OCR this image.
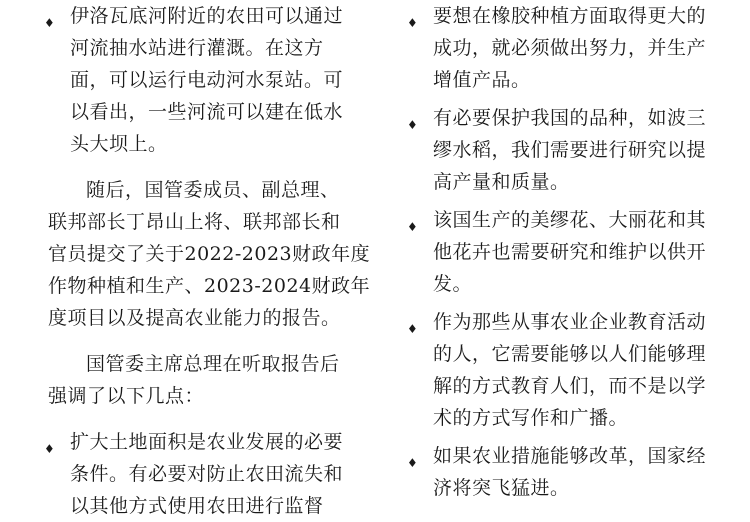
♦ 伊洛瓦底河附近的农田可以通过
河流抽水站进行灌溉。在这方
面，可以运行电动河水泵站。可
以看出，一些河流可以建在低水
头大坝上。
随后，国管委成员、副总理、
联邦部长丁昂山上将、联邦部长和
官员提交了关于2022-2023财政年度
作物种植和生产、2023-2024财政年
度项目以及提高农业能力的报告。
国管委主席总理在听取报告后
强调了以下几点：
♦ 扩大土地面积是农业发展的必要
条件。有必要对防止农田流失和
以其他方式使用农田进行监督
♦ 要想在橡胶种植方面取得更大的
成功，就必须做出努力，并生产
增值产品。
♦ 有必要保护我国的品种，如波三
缪水稻，我们需要进行研究以提
高产量和质量。
♦ 该国生产的美缪花、大丽花和其
他花卉也需要研究和维护以供开
发。
♦ 作为那些从事农业企业教育活动
的人，它需要能够以人们能够理
解的方式教育人们，而不是以学
术的方式写作和广播。
♦ 如果农业措施能够改革，国家经
济将突飞猛进。
